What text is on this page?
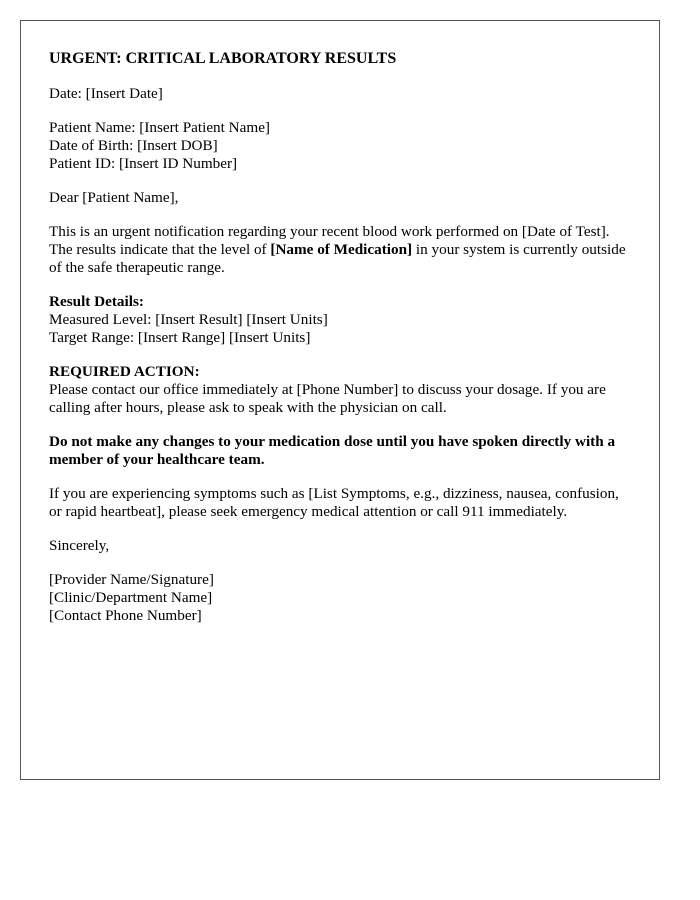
URGENT: CRITICAL LABORATORY RESULTS

Date: [Insert Date]

Patient Name: [Insert Patient Name]
Date of Birth: [Insert DOB]
Patient ID: [Insert ID Number]

Dear [Patient Name],

This is an urgent notification regarding your recent blood work performed on [Date of Test]. The results indicate that the level of [Name of Medication] in your system is currently outside of the safe therapeutic range.

Result Details:
Measured Level: [Insert Result] [Insert Units]
Target Range: [Insert Range] [Insert Units]

REQUIRED ACTION:
Please contact our office immediately at [Phone Number] to discuss your dosage. If you are calling after hours, please ask to speak with the physician on call.

Do not make any changes to your medication dose until you have spoken directly with a member of your healthcare team.

If you are experiencing symptoms such as [List Symptoms, e.g., dizziness, nausea, confusion, or rapid heartbeat], please seek emergency medical attention or call 911 immediately.

Sincerely,

[Provider Name/Signature]
[Clinic/Department Name]
[Contact Phone Number]
